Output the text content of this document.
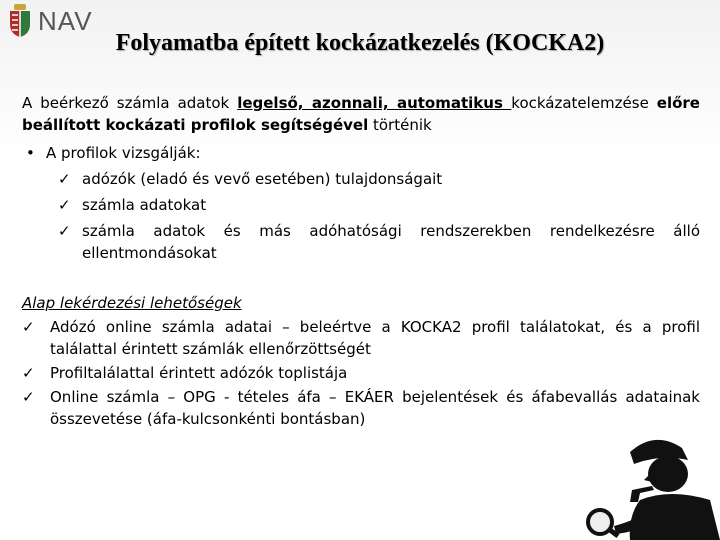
NAV
Folyamatba épített kockázatkezelés (KOCKA2)

A beérkező számla adatok legelső, azonnali, automatikus kockázatelemzése előre beállított kockázati profilok segítségével történik

• A profilok vizsgálják:

✓ adózók (eladó és vevő esetében) tulajdonságait

✓ számla adatokat

✓ számla adatok és más adóhatósági rendszerekben rendelkezésre álló ellentmondásokat

Alap lekérdezési lehetőségek

✓ Adózó online számla adatai – beleértve a KOCKA2 profil találatokat, és a profil találattal érintett számlák ellenőrzöttségét

✓ Profiltalálattal érintett adózók toplistája

✓ Online számla – OPG - tételes áfa – EKÁER bejelentések és áfabevallás adatainak összevetése (áfa-kulcsonkénti bontásban)
